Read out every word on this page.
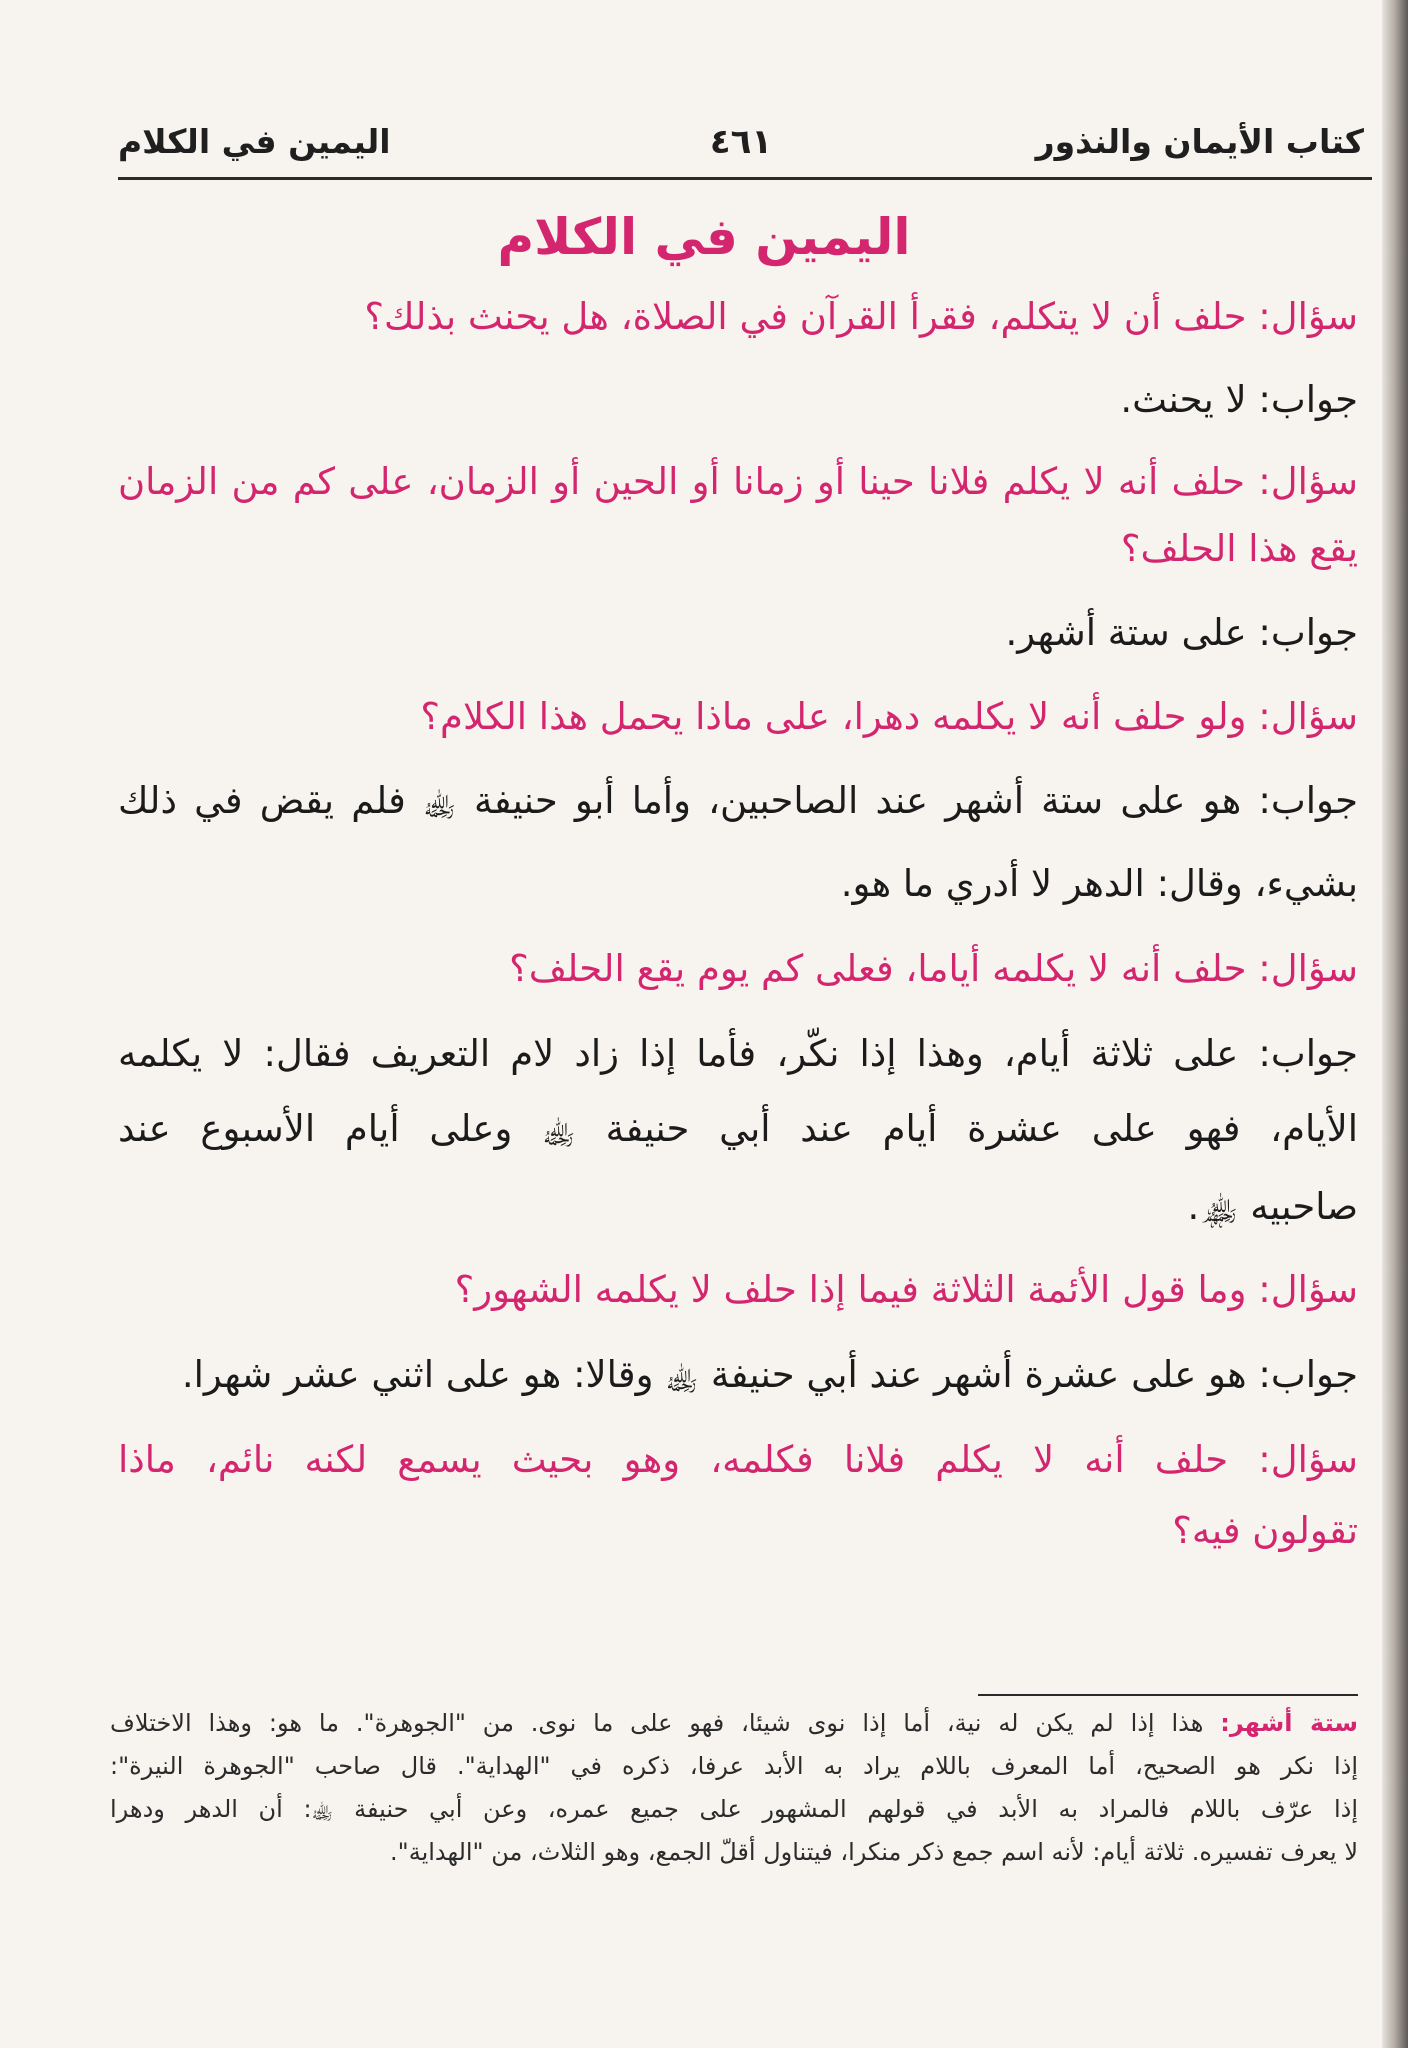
كتاب الأيمان والنذور
٤٦١
اليمين في الكلام
اليمين في الكلام
سؤال: حلف أن لا يتكلم، فقرأ القرآن في الصلاة، هل يحنث بذلك؟
جواب: لا يحنث.
سؤال: حلف أنه لا يكلم فلانا حينا أو زمانا أو الحين أو الزمان، على كم من الزمان
يقع هذا الحلف؟
جواب: على ستة أشهر.
سؤال: ولو حلف أنه لا يكلمه دهرا، على ماذا يحمل هذا الكلام؟
جواب: هو على ستة أشهر عند الصاحبين، وأما أبو حنيفة ﵀ فلم يقض في ذلك
بشيء، وقال: الدهر لا أدري ما هو.
سؤال: حلف أنه لا يكلمه أياما، فعلى كم يوم يقع الحلف؟
جواب: على ثلاثة أيام، وهذا إذا نكّر، فأما إذا زاد لام التعريف فقال: لا يكلمه
الأيام، فهو على عشرة أيام عند أبي حنيفة ﵀ وعلى أيام الأسبوع عند
صاحبيه ﵏.
سؤال: وما قول الأئمة الثلاثة فيما إذا حلف لا يكلمه الشهور؟
جواب: هو على عشرة أشهر عند أبي حنيفة ﵀ وقالا: هو على اثني عشر شهرا.
سؤال: حلف أنه لا يكلم فلانا فكلمه، وهو بحيث يسمع لكنه نائم، ماذا
تقولون فيه؟
ستة أشهر: هذا إذا لم يكن له نية، أما إذا نوى شيئا، فهو على ما نوى. من "الجوهرة". ما هو: وهذا الاختلاف
إذا نكر هو الصحيح، أما المعرف باللام يراد به الأبد عرفا، ذكره في "الهداية". قال صاحب "الجوهرة النيرة":
إذا عرّف باللام فالمراد به الأبد في قولهم المشهور على جميع عمره، وعن أبي حنيفة ﵀: أن الدهر ودهرا
لا يعرف تفسيره. ثلاثة أيام: لأنه اسم جمع ذكر منكرا، فيتناول أقلّ الجمع، وهو الثلاث، من "الهداية".
